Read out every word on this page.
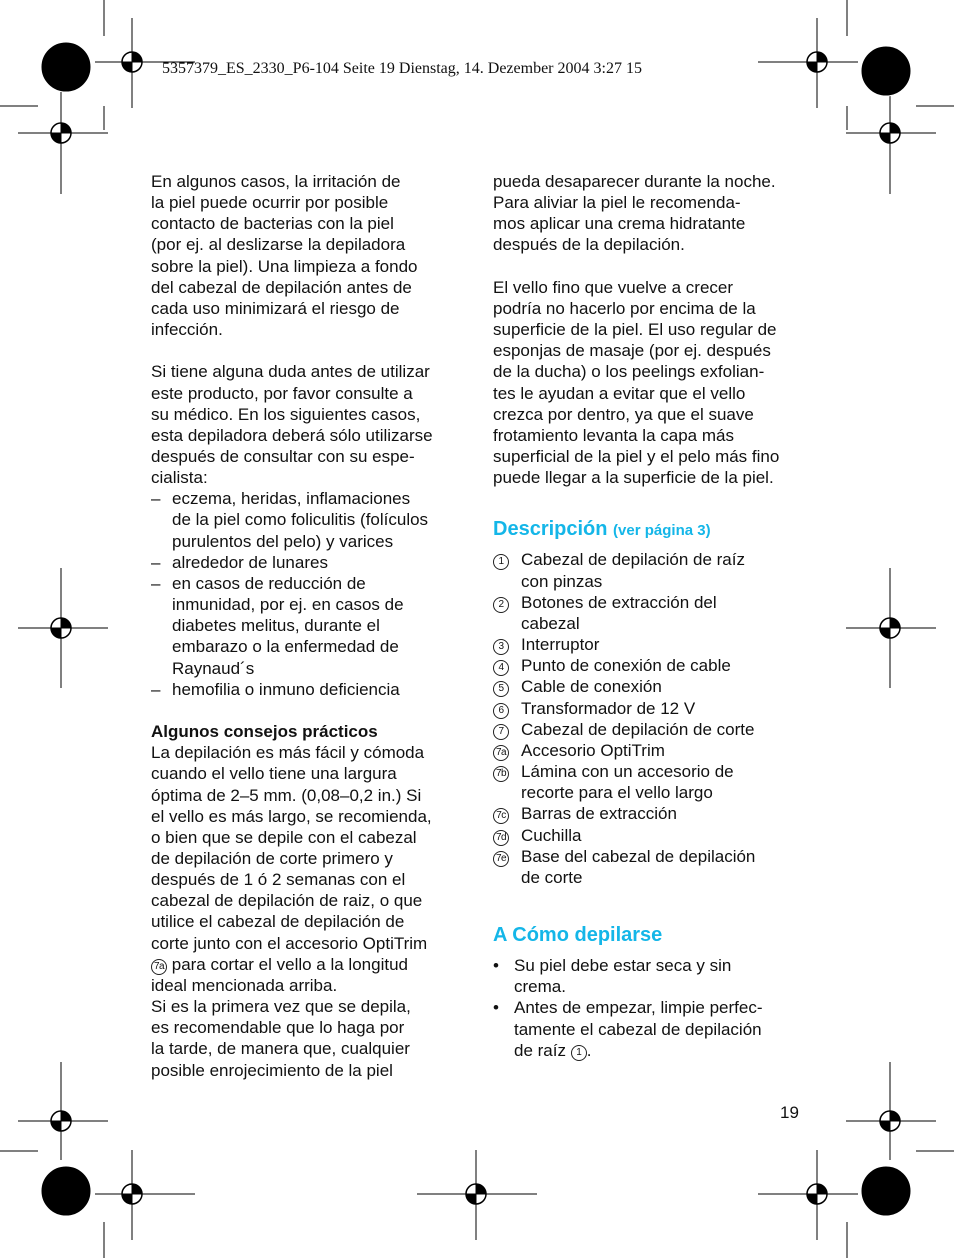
5357379_ES_2330_P6-104 Seite 19 Dienstag, 14. Dezember 2004 3:27 15

En algunos casos, la irritación de

la piel puede ocurrir por posible

contacto de bacterias con la piel

(por ej. al deslizarse la depiladora

sobre la piel). Una limpieza a fondo

del cabezal de depilación antes de

cada uso minimizará el riesgo de

infección.

Si tiene alguna duda antes de utilizar

este producto, por favor consulte a

su médico. En los siguientes casos,

esta depiladora deberá sólo utilizarse

después de consultar con su espe-

cialista:

– eczema, heridas, inflamaciones

de la piel como foliculitis (folículos

purulentos del pelo) y varices

– alrededor de lunares

– en casos de reducción de

inmunidad, por ej. en casos de

diabetes melitus, durante el

embarazo o la enfermedad de

Raynaud´s

– hemofilia o inmuno deficiencia

Algunos consejos prácticos

La depilación es más fácil y cómoda

cuando el vello tiene una largura

óptima de 2–5 mm. (0,08–0,2 in.) Si

el vello es más largo, se recomienda,

o bien que se depile con el cabezal

de depilación de corte primero y

después de 1 ó 2 semanas con el

cabezal de depilación de raiz, o que

utilice el cabezal de depilación de

corte junto con el accesorio OptiTrim

7a para cortar el vello a la longitud

ideal mencionada arriba.

Si es la primera vez que se depila,

es recomendable que lo haga por

la tarde, de manera que, cualquier

posible enrojecimiento de la piel

pueda desaparecer durante la noche.

Para aliviar la piel le recomenda-

mos aplicar una crema hidratante

después de la depilación.

El vello fino que vuelve a crecer

podría no hacerlo por encima de la

superficie de la piel. El uso regular de

esponjas de masaje (por ej. después

de la ducha) o los peelings exfolian-

tes le ayudan a evitar que el vello

crezca por dentro, ya que el suave

frotamiento levanta la capa más

superficial de la piel y el pelo más fino

puede llegar a la superficie de la piel.

Descripción (ver página 3)

1	Cabezal de depilación de raíz

con pinzas

2	Botones de extracción del

cabezal

3	Interruptor

4	Punto de conexión de cable

5	Cable de conexión

6	Transformador de 12 V

7	Cabezal de depilación de corte

7a Accesorio OptiTrim

7b Lámina con un accesorio de

recorte para el vello largo

7c Barras de extracción

7d Cuchilla

7e Base del cabezal de depilación

de corte

A Cómo depilarse

• Su piel debe estar seca y sin

crema.

• Antes de empezar, limpie perfec-

tamente el cabezal de depilación

de raíz 1 .
19
